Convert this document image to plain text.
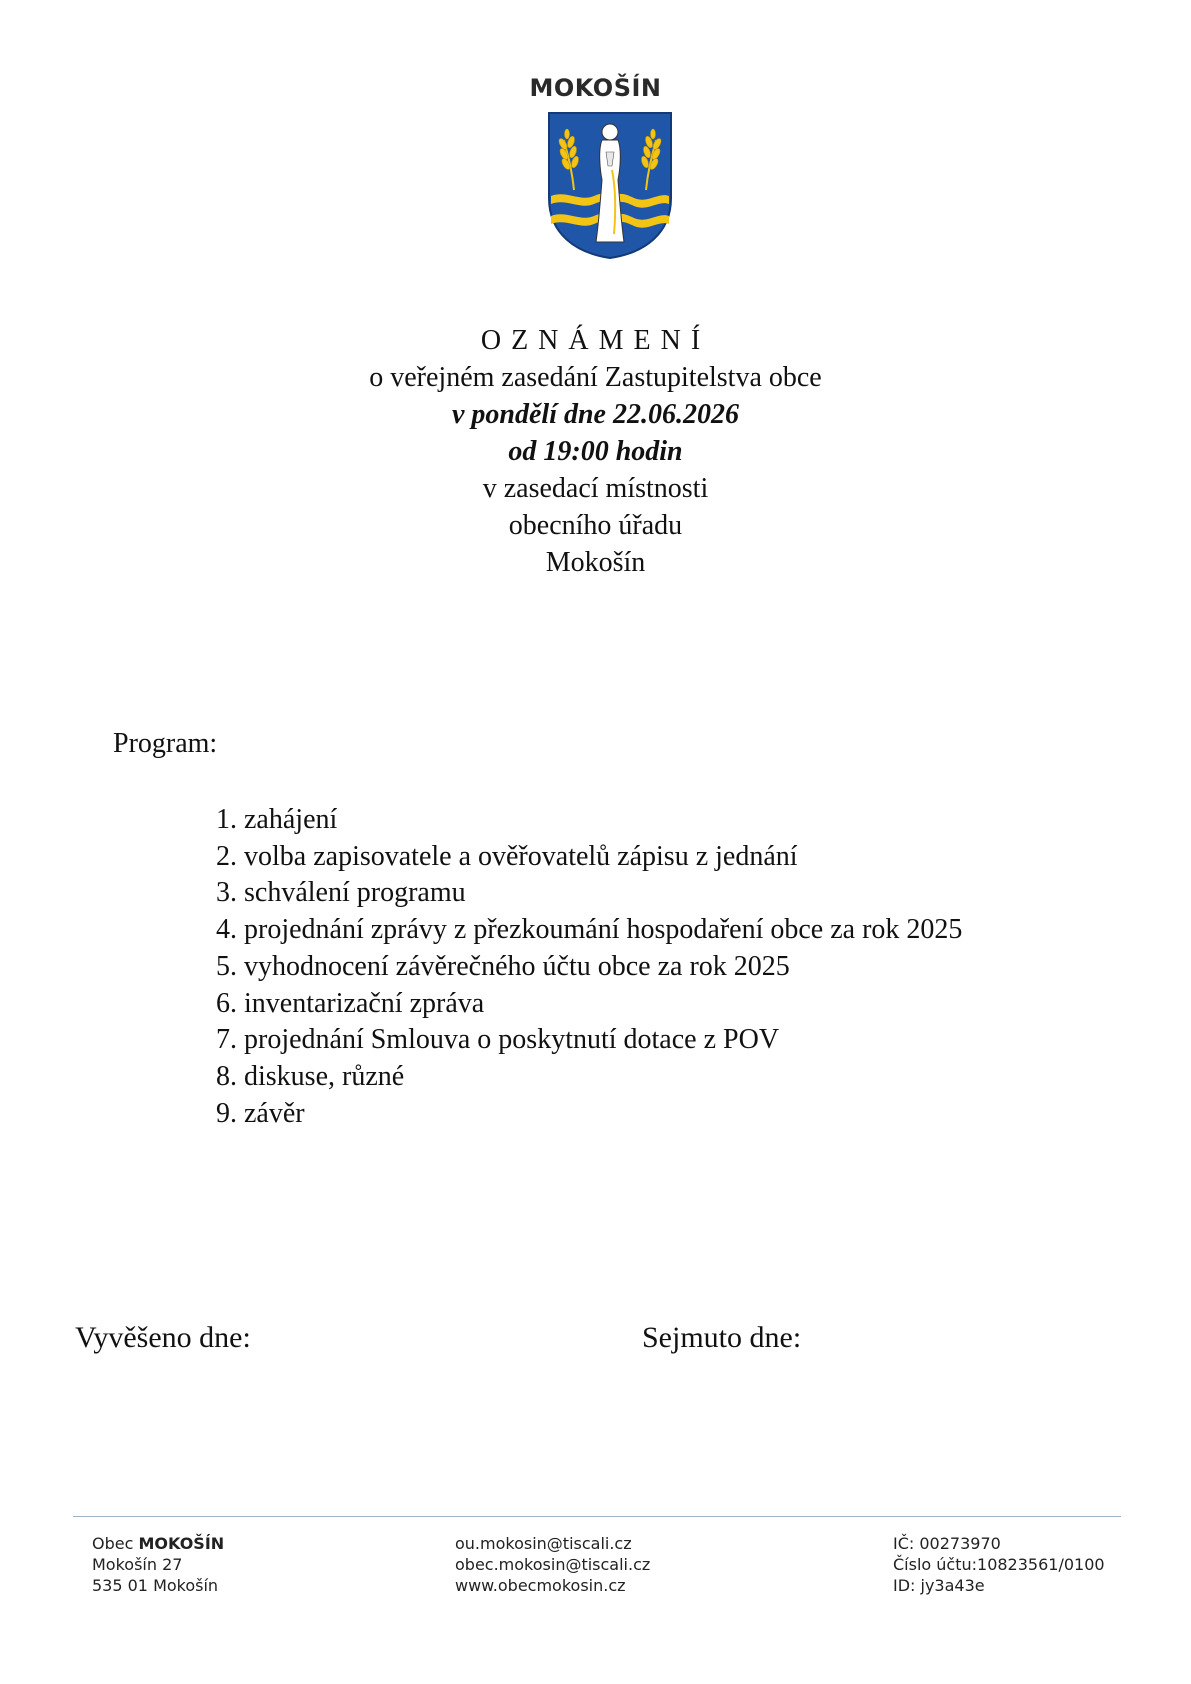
MOKOŠÍN
OZNÁMENÍ
o veřejném zasedání Zastupitelstva obce
v pondělí dne 22.06.2026
od 19:00 hodin
v zasedací místnosti
obecního úřadu
Mokošín
Program:
1. zahájení
2. volba zapisovatele a ověřovatelů zápisu z jednání
3. schválení programu
4. projednání zprávy z přezkoumání hospodaření obce za rok 2025
5. vyhodnocení závěrečného účtu obce za rok 2025
6. inventarizační zpráva
7. projednání Smlouva o poskytnutí dotace z POV
8. diskuse, různé
9. závěr
Vyvěšeno dne:	Sejmuto dne:
Obec MOKOŠÍN
Mokošín 27
535 01 Mokošín
ou.mokosin@tiscali.cz
obec.mokosin@tiscali.cz
www.obecmokosin.cz
IČ: 00273970
Číslo účtu:10823561/0100
ID: jy3a43e
